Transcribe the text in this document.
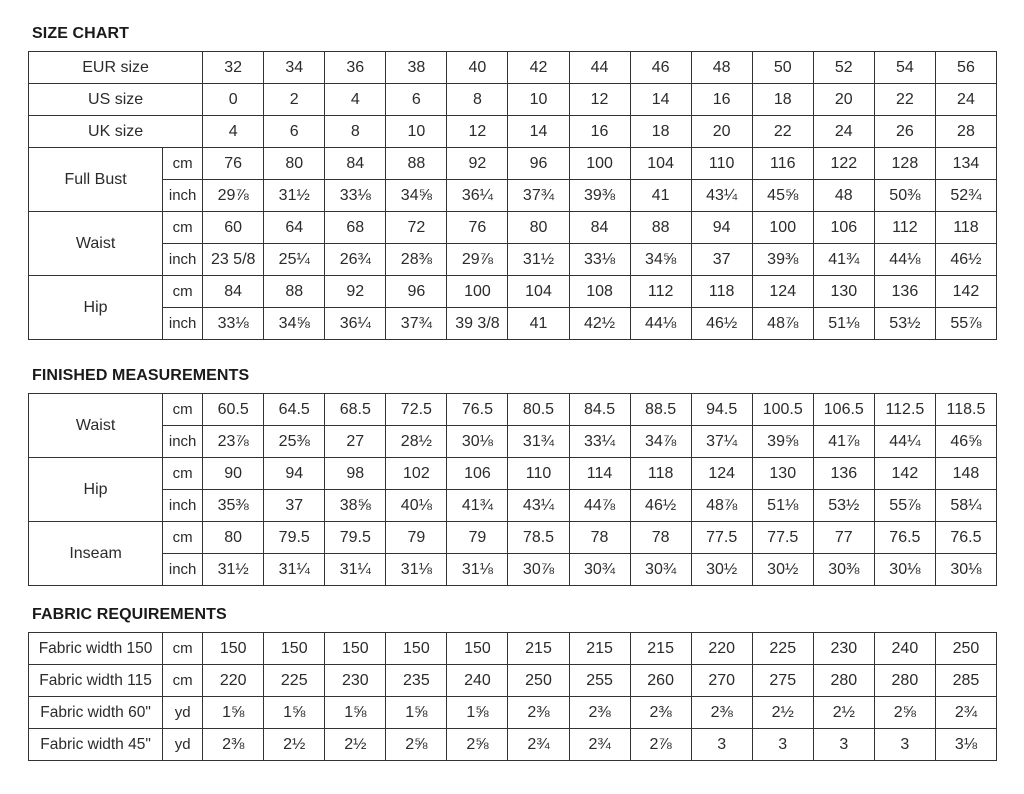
SIZE CHART
EUR size		32	34	36	38	40	42	44	46	48	50	52	54	56
US size		0	2	4	6	8	10	12	14	16	18	20	22	24
UK size		4	6	8	10	12	14	16	18	20	22	24	26	28
Full Bust	cm	76	80	84	88	92	96	100	104	110	116	122	128	134
	inch	29⅞	31½	33⅛	34⅝	36¼	37¾	39⅜	41	43¼	45⅝	48	50⅜	52¾
Waist	cm	60	64	68	72	76	80	84	88	94	100	106	112	118
	inch	23 5/8	25¼	26¾	28⅜	29⅞	31½	33⅛	34⅝	37	39⅜	41¾	44⅛	46½
Hip	cm	84	88	92	96	100	104	108	112	118	124	130	136	142
	inch	33⅛	34⅝	36¼	37¾	39 3/8	41	42½	44⅛	46½	48⅞	51⅛	53½	55⅞
FINISHED MEASUREMENTS
Waist	cm	60.5	64.5	68.5	72.5	76.5	80.5	84.5	88.5	94.5	100.5	106.5	112.5	118.5
	inch	23⅞	25⅜	27	28½	30⅛	31¾	33¼	34⅞	37¼	39⅝	41⅞	44¼	46⅝
Hip	cm	90	94	98	102	106	110	114	118	124	130	136	142	148
	inch	35⅜	37	38⅝	40⅛	41¾	43¼	44⅞	46½	48⅞	51⅛	53½	55⅞	58¼
Inseam	cm	80	79.5	79.5	79	79	78.5	78	78	77.5	77.5	77	76.5	76.5
	inch	31½	31¼	31¼	31⅛	31⅛	30⅞	30¾	30¾	30½	30½	30⅜	30⅛	30⅛
FABRIC REQUIREMENTS
Fabric width 150	cm	150	150	150	150	150	215	215	215	220	225	230	240	250
Fabric width 115	cm	220	225	230	235	240	250	255	260	270	275	280	280	285
Fabric width 60"	yd	1⅝	1⅝	1⅝	1⅝	1⅝	2⅜	2⅜	2⅜	2⅜	2½	2½	2⅝	2¾
Fabric width 45"	yd	2⅜	2½	2½	2⅝	2⅝	2¾	2¾	2⅞	3	3	3	3	3⅛
